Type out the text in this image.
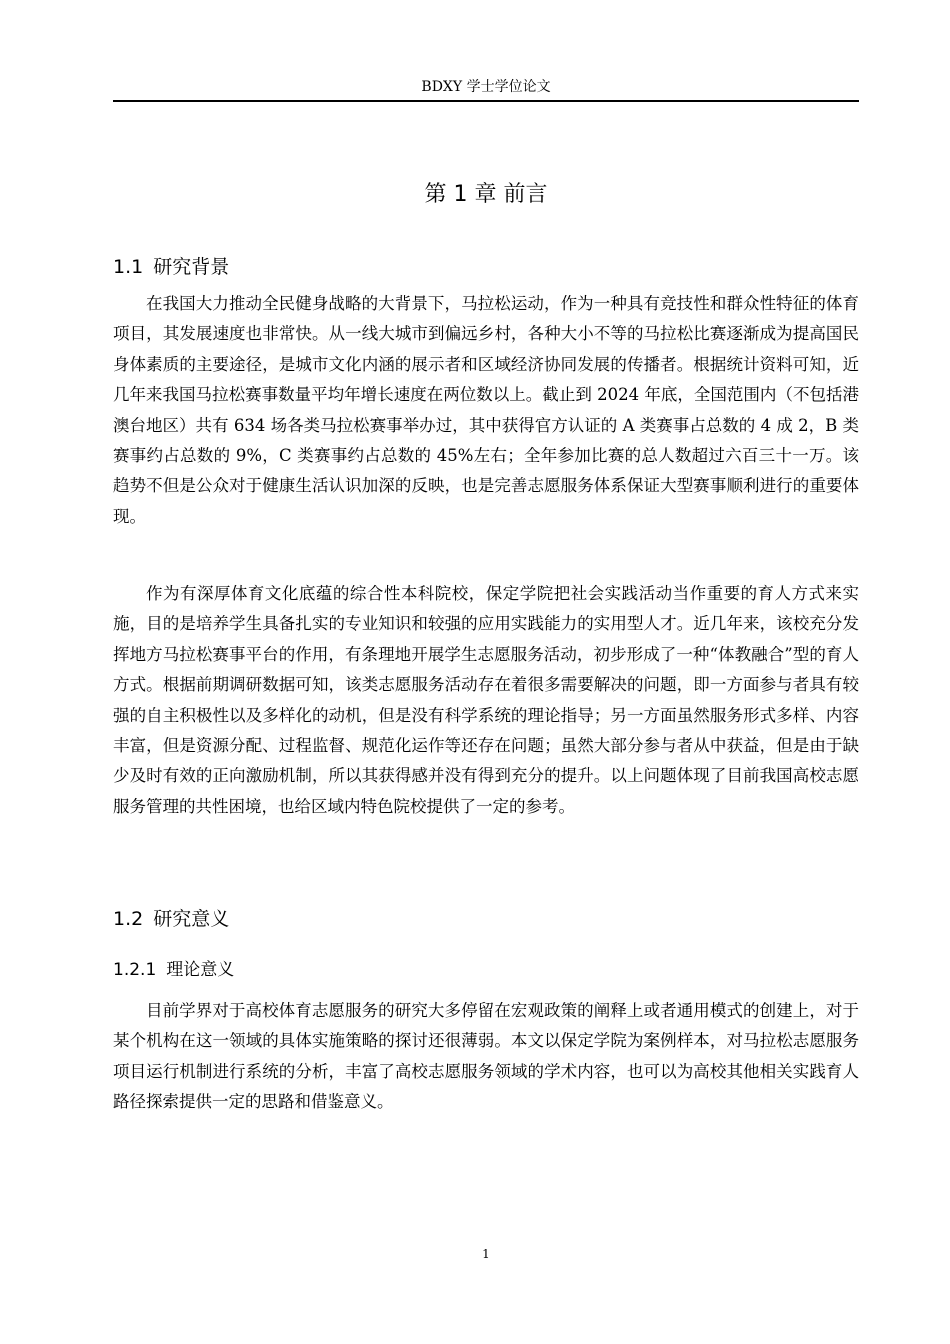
BDXY 学士学位论文
第 1 章 前言
1.1 研究背景

在我国大力推动全民健身战略的大背景下，马拉松运动，作为一种具有竞技性和群众性特征的体育项目，其发展速度也非常快。从一线大城市到偏远乡村，各种大小不等的马拉松比赛逐渐成为提高国民身体素质的主要途径，是城市文化内涵的展示者和区域经济协同发展的传播者。根据统计资料可知，近几年来我国马拉松赛事数量平均年增长速度在两位数以上。截止到 2024 年底，全国范围内（不包括港澳台地区）共有 634 场各类马拉松赛事举办过，其中获得官方认证的 A 类赛事占总数的 4 成 2，B 类赛事约占总数的 9%，C 类赛事约占总数的 45%左右；全年参加比赛的总人数超过六百三十一万。该趋势不但是公众对于健康生活认识加深的反映，也是完善志愿服务体系保证大型赛事顺利进行的重要体现。

作为有深厚体育文化底蕴的综合性本科院校，保定学院把社会实践活动当作重要的育人方式来实施，目的是培养学生具备扎实的专业知识和较强的应用实践能力的实用型人才。近几年来，该校充分发挥地方马拉松赛事平台的作用，有条理地开展学生志愿服务活动，初步形成了一种“体教融合”型的育人方式。根据前期调研数据可知，该类志愿服务活动存在着很多需要解决的问题，即一方面参与者具有较强的自主积极性以及多样化的动机，但是没有科学系统的理论指导；另一方面虽然服务形式多样、内容丰富，但是资源分配、过程监督、规范化运作等还存在问题；虽然大部分参与者从中获益，但是由于缺少及时有效的正向激励机制，所以其获得感并没有得到充分的提升。以上问题体现了目前我国高校志愿服务管理的共性困境，也给区域内特色院校提供了一定的参考。

1.2 研究意义
1.2.1 理论意义

目前学界对于高校体育志愿服务的研究大多停留在宏观政策的阐释上或者通用模式的创建上，对于某个机构在这一领域的具体实施策略的探讨还很薄弱。本文以保定学院为案例样本，对马拉松志愿服务项目运行机制进行系统的分析，丰富了高校志愿服务领域的学术内容，也可以为高校其他相关实践育人路径探索提供一定的思路和借鉴意义。

1
